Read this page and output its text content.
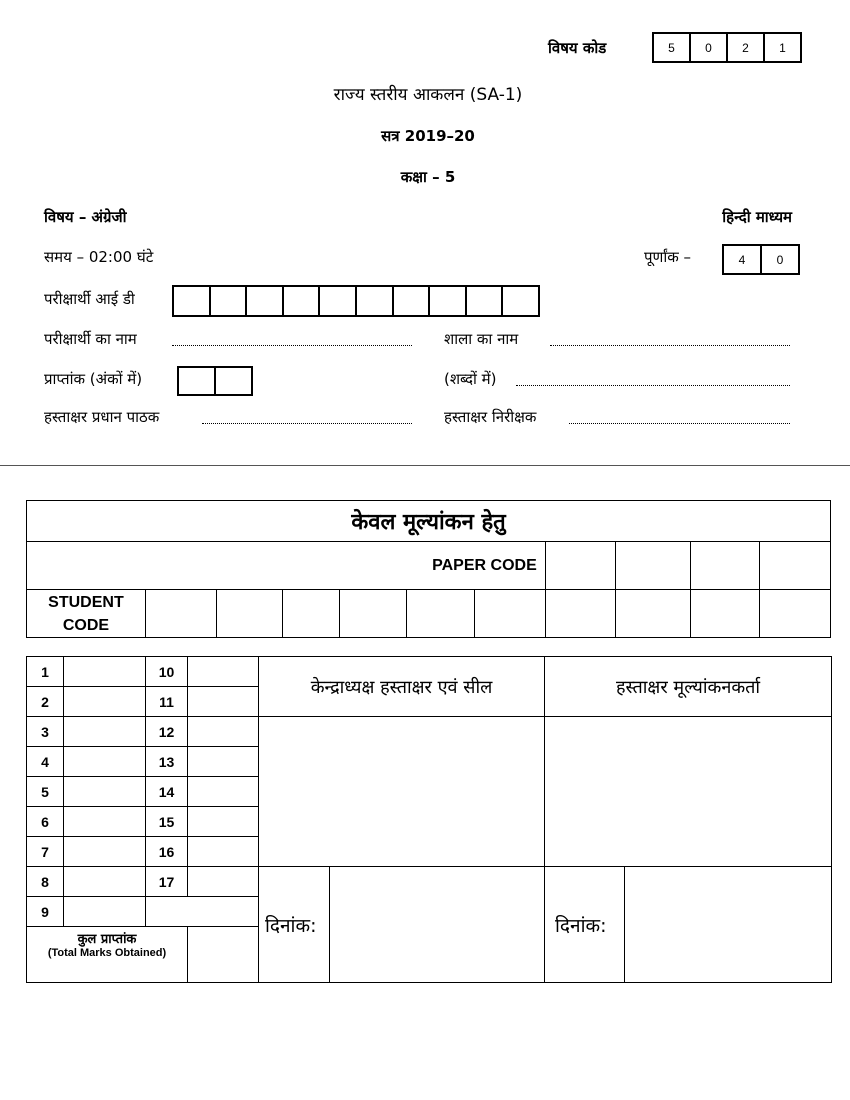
विषय कोड	5	0	2	1
राज्य स्तरीय आकलन (SA-1)
सत्र 2019–20
कक्षा – 5
विषय – अंग्रेजी	हिन्दी माध्यम
समय – 02:00 घंटे	पूर्णांक –	4	0
परीक्षार्थी आई डी
परीक्षार्थी का नाम	शाला का नाम
प्राप्तांक (अंकों में)	(शब्दों में)
हस्ताक्षर प्रधान पाठक	हस्ताक्षर निरीक्षक
केवल मूल्यांकन हेतु										
PAPER CODE										

STUDENT
CODE										

1		10		केन्द्राध्यक्ष हस्ताक्षर एवं सील		हस्ताक्षर मूल्यांकनकर्ता	
2		11					
3		12					
4		13					
5		14					
6		15					
7		16					
8		17		दिनांक:		दिनांक:	
9							

कुल प्राप्तांक
(Total Marks Obtained)							
